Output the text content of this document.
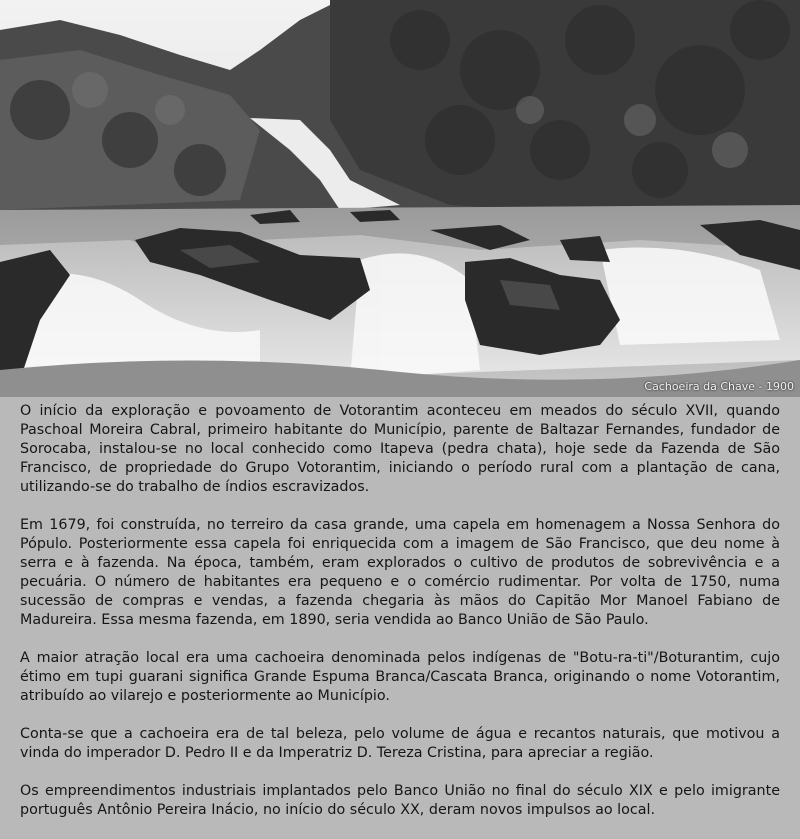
Cachoeira da Chave - 1900

O início da exploração e povoamento de Votorantim aconteceu em meados do século XVII, quando Paschoal Moreira Cabral, primeiro habitante do Município, parente de Baltazar Fernandes, fundador de Sorocaba, instalou-se no local conhecido como Itapeva (pedra chata), hoje sede da Fazenda de São Francisco, de propriedade do Grupo Votorantim, iniciando o período rural com a plantação de cana, utilizando-se do trabalho de índios escravizados.

Em 1679, foi construída, no terreiro da casa grande, uma capela em homenagem a Nossa Senhora do Pópulo. Posteriormente essa capela foi enriquecida com a imagem de São Francisco, que deu nome à serra e à fazenda. Na época, também, eram explorados o cultivo de produtos de sobrevivência e a pecuária. O número de habitantes era pequeno e o comércio rudimentar. Por volta de 1750, numa sucessão de compras e vendas, a fazenda chegaria às mãos do Capitão Mor Manoel Fabiano de Madureira. Essa mesma fazenda, em 1890, seria vendida ao Banco União de São Paulo.

A maior atração local era uma cachoeira denominada pelos indígenas de "Botu-ra-ti"/Boturantim, cujo étimo em tupi guarani significa Grande Espuma Branca/Cascata Branca, originando o nome Votorantim, atribuído ao vilarejo e posteriormente ao Município.

Conta-se que a cachoeira era de tal beleza, pelo volume de água e recantos naturais, que motivou a vinda do imperador D. Pedro II e da Imperatriz D. Tereza Cristina, para apreciar a região.

Os empreendimentos industriais implantados pelo Banco União no final do século XIX e pelo imigrante português Antônio Pereira Inácio, no início do século XX, deram novos impulsos ao local.
